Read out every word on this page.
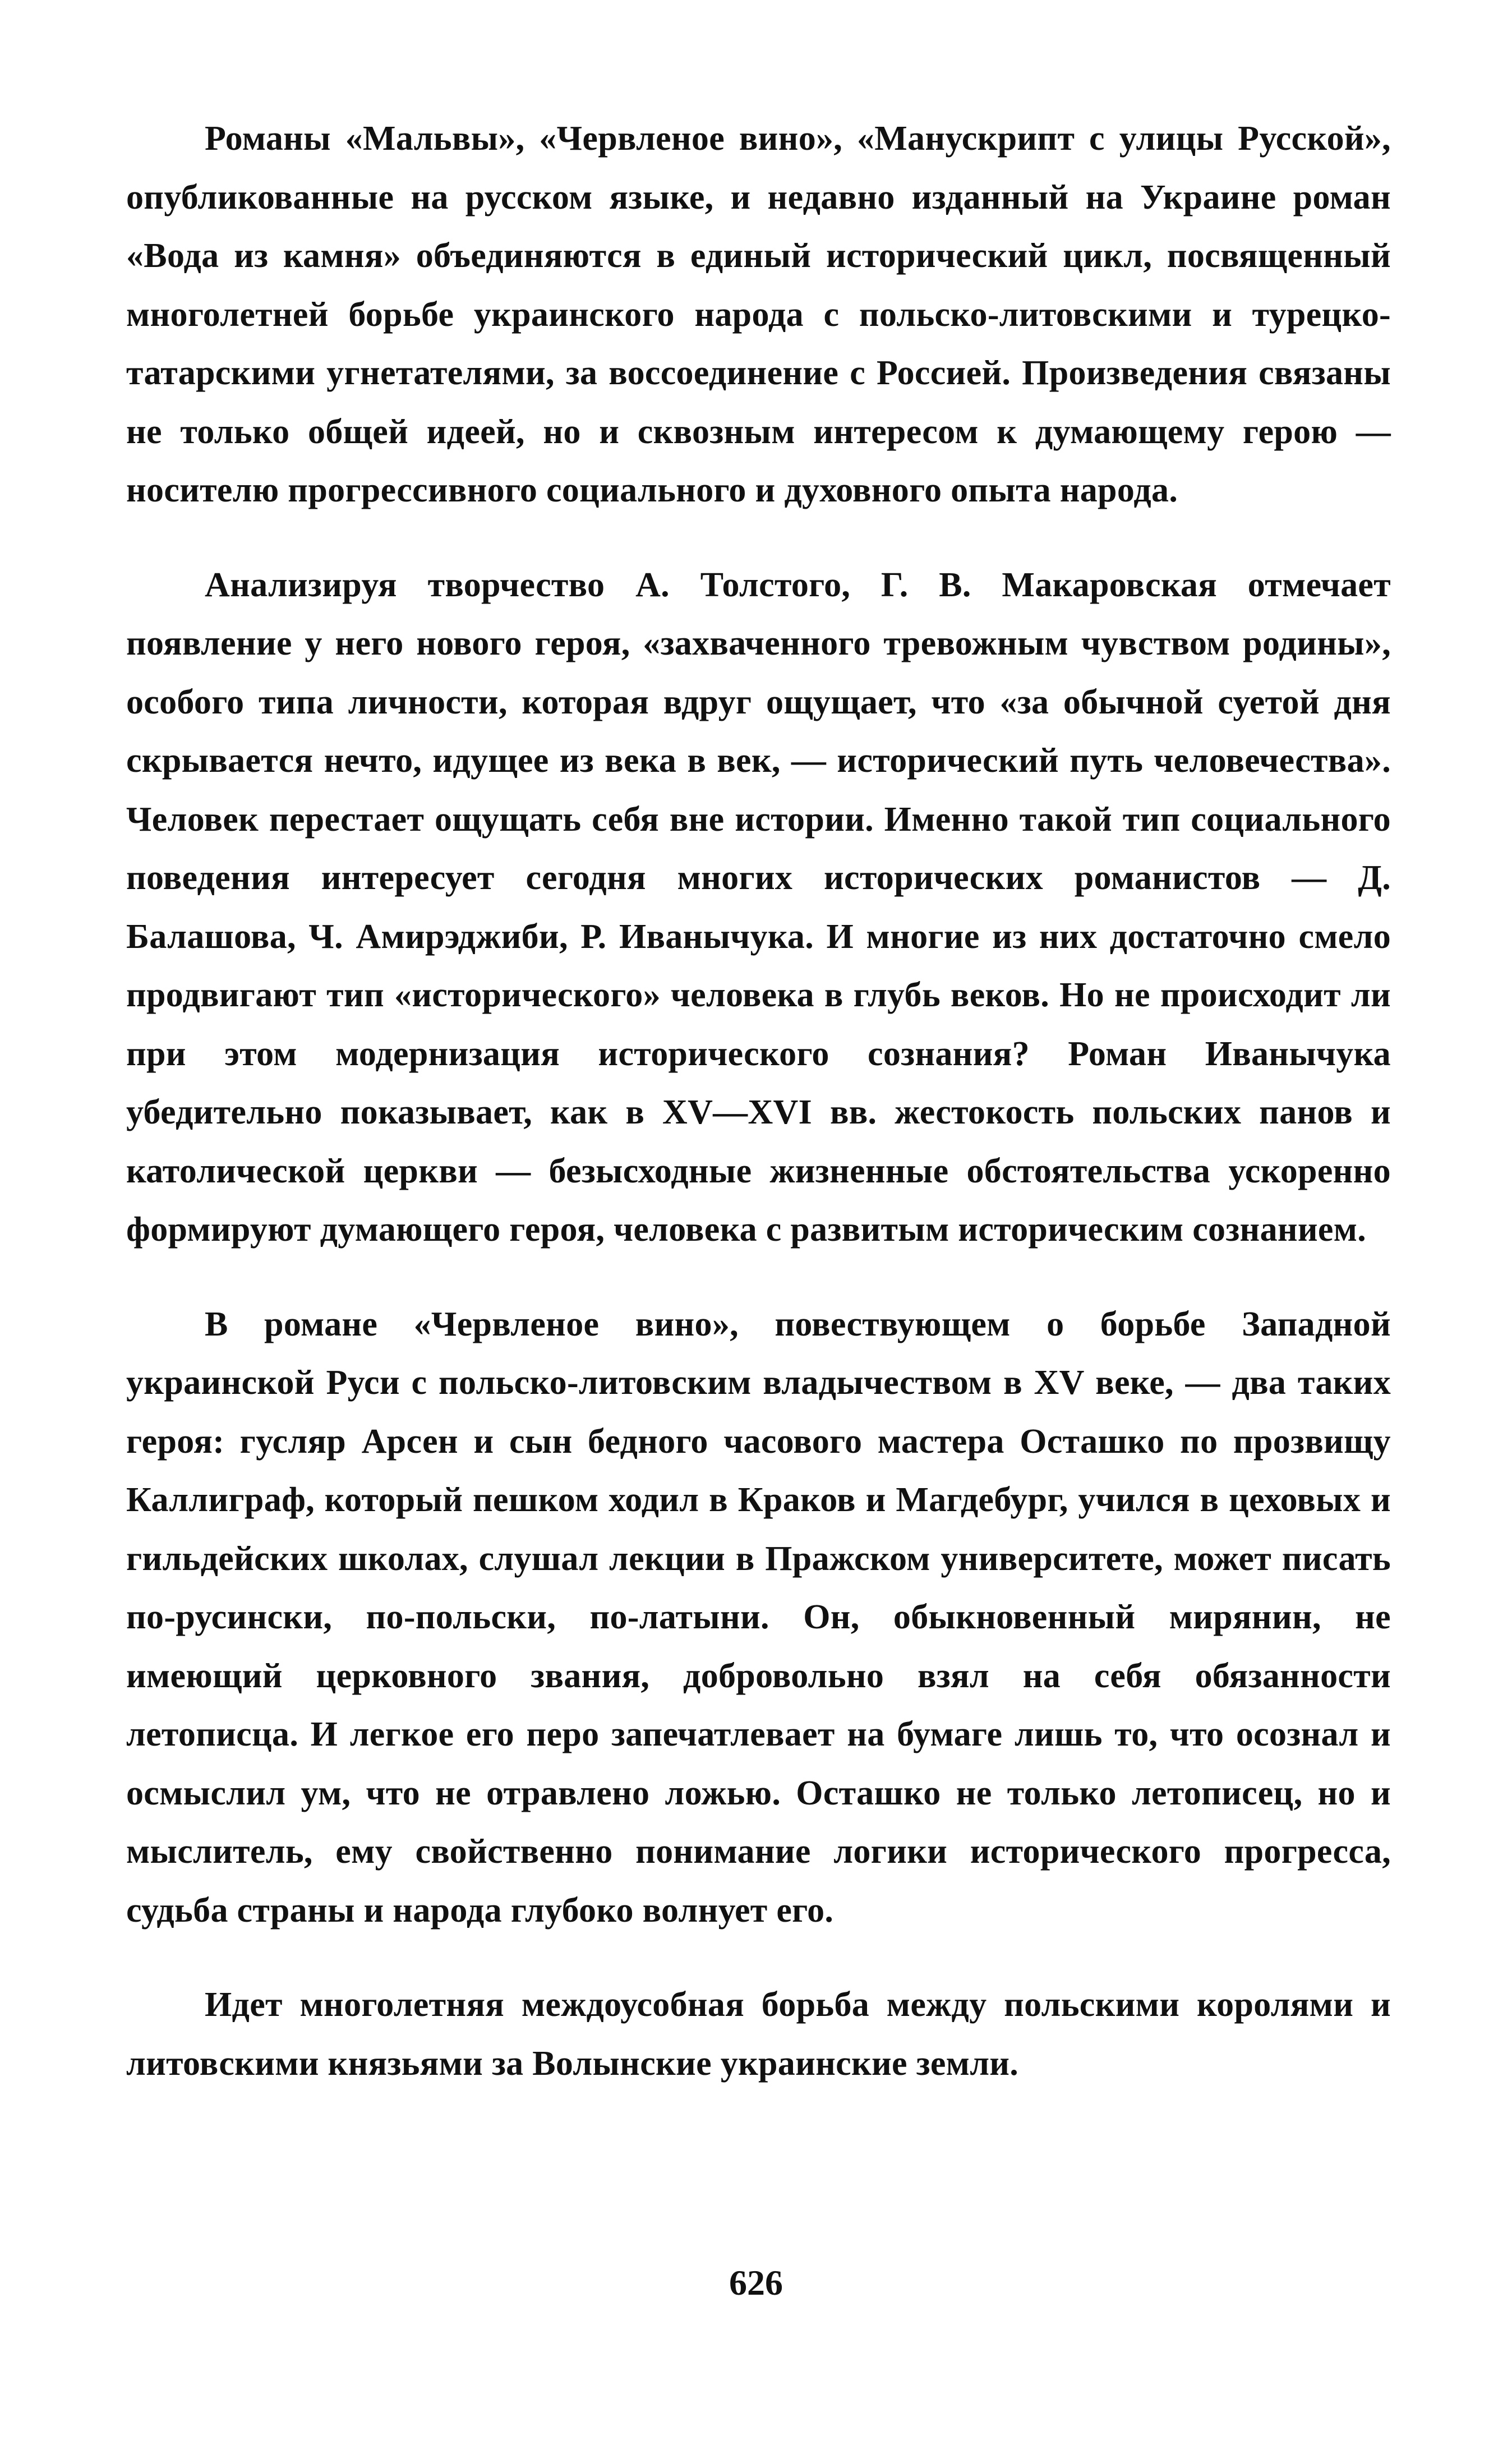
Романы «Мальвы», «Червленое вино», «Манускрипт с улицы Русской», опубликованные на русском языке, и недавно изданный на Украине роман «Вода из камня» объединяются в единый исторический цикл, посвященный многолетней борьбе украинского народа с польско-литовскими и турецко-татарскими угнетателями, за воссоединение с Россией. Произведения связаны не только общей идеей, но и сквозным интересом к думающему герою — носителю прогрессивного социального и духовного опыта народа.

Анализируя творчество А. Толстого, Г. В. Макаровская отмечает появление у него нового героя, «захваченного тревожным чувством родины», особого типа личности, которая вдруг ощущает, что «за обычной суетой дня скрывается нечто, идущее из века в век, — исторический путь человечества». Человек перестает ощущать себя вне истории. Именно такой тип социального поведения интересует сегодня многих исторических романистов — Д. Балашова, Ч. Амирэджиби, Р. Иванычука. И многие из них достаточно смело продвигают тип «исторического» человека в глубь веков. Но не происходит ли при этом модернизация исторического сознания? Роман Иванычука убедительно показывает, как в XV—XVI вв. жестокость польских панов и католической церкви — безысходные жизненные обстоятельства ускоренно формируют думающего героя, человека с развитым историческим сознанием.

В романе «Червленое вино», повествующем о борьбе Западной украинской Руси с польско-литовским владычеством в XV веке, — два таких героя: гусляр Арсен и сын бедного часового мастера Осташко по прозвищу Каллиграф, который пешком ходил в Краков и Магдебург, учился в цеховых и гильдейских школах, слушал лекции в Пражском университете, может писать по-русински, по-польски, по-латыни. Он, обыкновенный мирянин, не имеющий церковного звания, добровольно взял на себя обязанности летописца. И легкое его перо запечатлевает на бумаге лишь то, что осознал и осмыслил ум, что не отравлено ложью. Осташко не только летописец, но и мыслитель, ему свойственно понимание логики исторического прогресса, судьба страны и народа глубоко волнует его.

Идет многолетняя междоусобная борьба между польскими королями и литовскими князьями за Волынские украинские земли.

626
